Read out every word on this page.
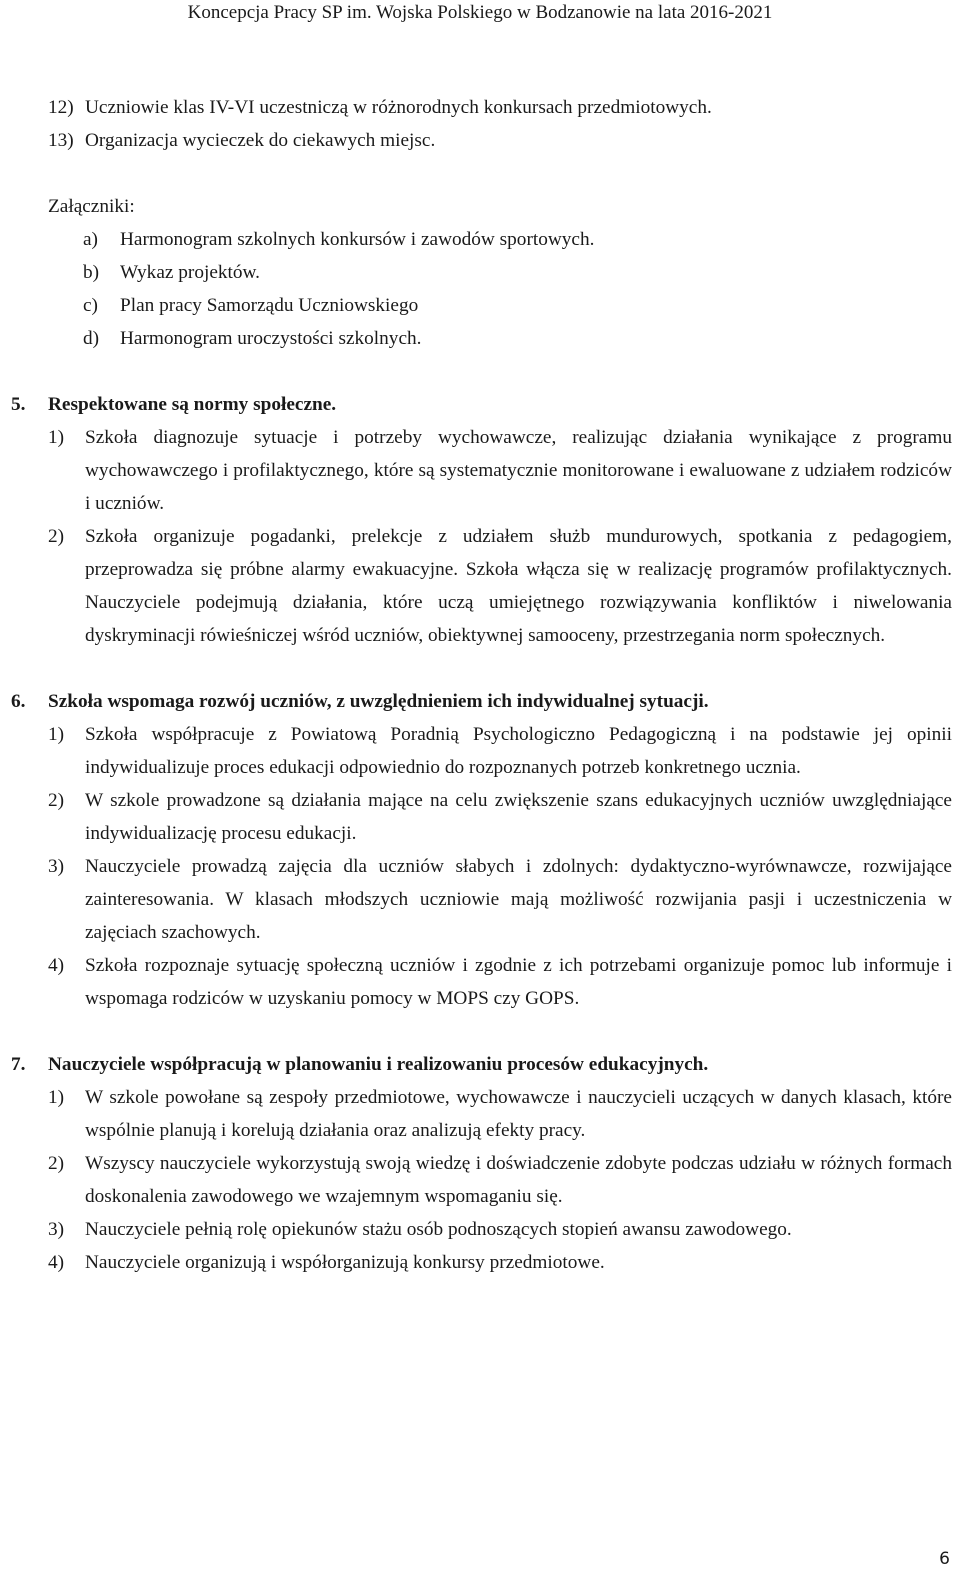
Koncepcja Pracy SP im. Wojska Polskiego w Bodzanowie na lata 2016-2021
12) Uczniowie klas IV-VI uczestniczą w różnorodnych konkursach przedmiotowych.
13) Organizacja wycieczek do ciekawych miejsc.
Załączniki:
a) Harmonogram szkolnych konkursów i zawodów sportowych.
b) Wykaz projektów.
c) Plan pracy Samorządu Uczniowskiego
d) Harmonogram uroczystości szkolnych.
5. Respektowane są normy społeczne.
1) Szkoła diagnozuje sytuacje i potrzeby wychowawcze, realizując działania wynikające z programu wychowawczego i profilaktycznego, które są systematycznie monitorowane i ewaluowane z udziałem rodziców i uczniów.
2) Szkoła organizuje pogadanki, prelekcje z udziałem służb mundurowych, spotkania z pedagogiem, przeprowadza się próbne alarmy ewakuacyjne. Szkoła włącza się w realizację programów profilaktycznych. Nauczyciele podejmują działania, które uczą umiejętnego rozwiązywania konfliktów i niwelowania dyskryminacji rówieśniczej wśród uczniów, obiektywnej samooceny, przestrzegania norm społecznych.
6. Szkoła wspomaga rozwój uczniów, z uwzględnieniem ich indywidualnej sytuacji.
1) Szkoła współpracuje z Powiatową Poradnią Psychologiczno Pedagogiczną i na podstawie jej opinii indywidualizuje proces edukacji odpowiednio do rozpoznanych potrzeb konkretnego ucznia.
2) W szkole prowadzone są działania mające na celu zwiększenie szans edukacyjnych uczniów uwzględniające indywidualizację procesu edukacji.
3) Nauczyciele prowadzą zajęcia dla uczniów słabych i zdolnych: dydaktyczno-wyrównawcze, rozwijające zainteresowania. W klasach młodszych uczniowie mają możliwość rozwijania pasji i uczestniczenia w zajęciach szachowych.
4) Szkoła rozpoznaje sytuację społeczną uczniów i zgodnie z ich potrzebami organizuje pomoc lub informuje i wspomaga rodziców w uzyskaniu pomocy w MOPS czy GOPS.
7. Nauczyciele współpracują w planowaniu i realizowaniu procesów edukacyjnych.
1) W szkole powołane są zespoły przedmiotowe, wychowawcze i nauczycieli uczących w danych klasach, które wspólnie planują i korelują działania oraz analizują efekty pracy.
2) Wszyscy nauczyciele wykorzystują swoją wiedzę i doświadczenie zdobyte podczas udziału w różnych formach doskonalenia zawodowego we wzajemnym wspomaganiu się.
3) Nauczyciele pełnią rolę opiekunów stażu osób podnoszących stopień awansu zawodowego.
4) Nauczyciele organizują i współorganizują konkursy przedmiotowe.
6
